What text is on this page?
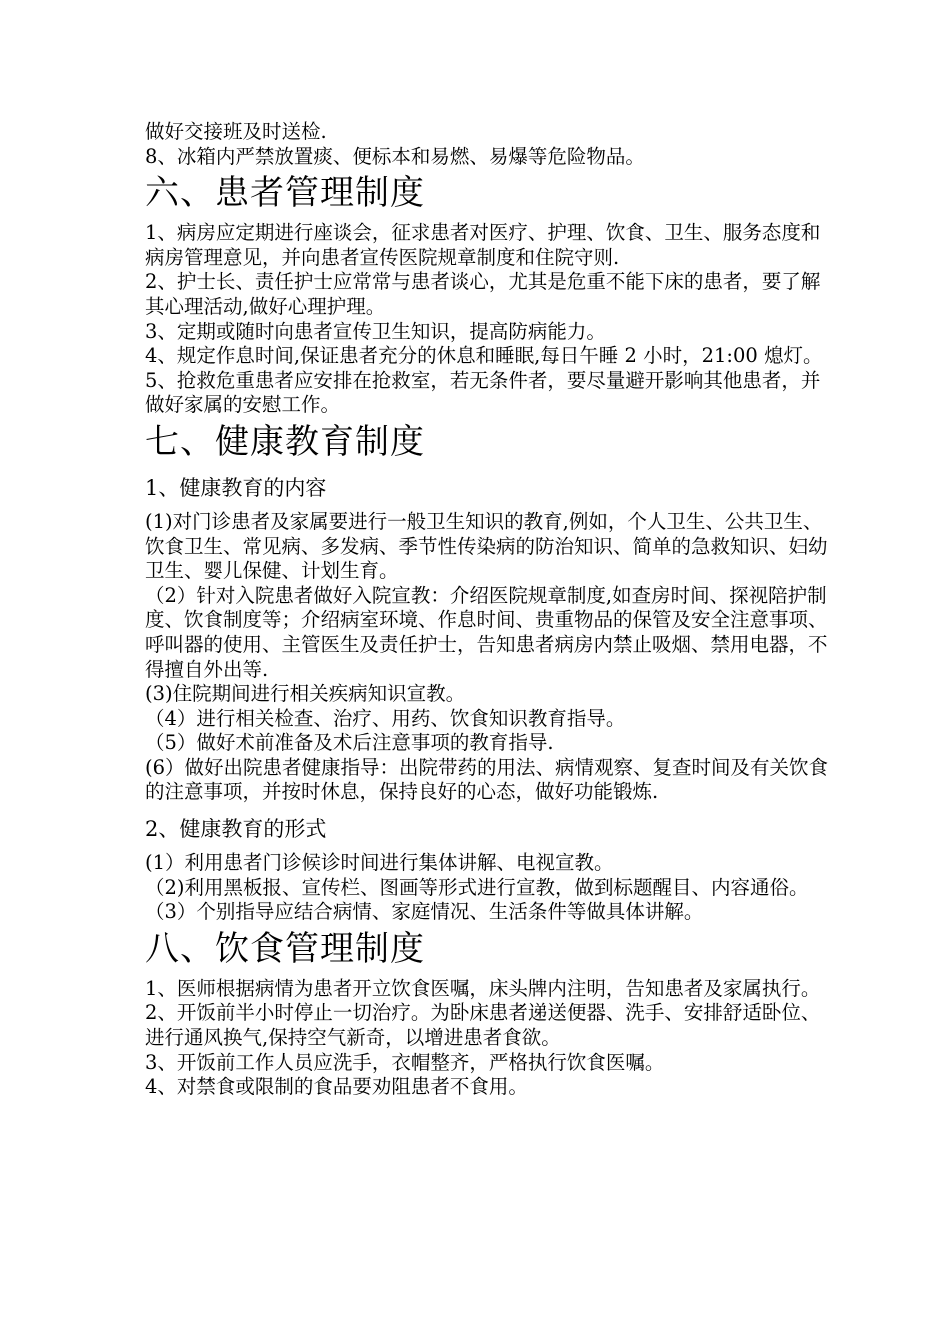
做好交接班及时送检.

8、冰箱内严禁放置痰、便标本和易燃、易爆等危险物品。

六、患者管理制度

1、病房应定期进行座谈会，征求患者对医疗、护理、饮食、卫生、服务态度和病房管理意见，并向患者宣传医院规章制度和住院守则.

2、护士长、责任护士应常常与患者谈心，尤其是危重不能下床的患者，要了解其心理活动,做好心理护理。

3、定期或随时向患者宣传卫生知识，提高防病能力。

4、规定作息时间,保证患者充分的休息和睡眠,每日午睡 2 小时，21:00 熄灯。

5、抢救危重患者应安排在抢救室，若无条件者，要尽量避开影响其他患者，并做好家属的安慰工作。

七、健康教育制度
1、健康教育的内容

(1)对门诊患者及家属要进行一般卫生知识的教育,例如，个人卫生、公共卫生、饮食卫生、常见病、多发病、季节性传染病的防治知识、简单的急救知识、妇幼卫生、婴儿保健、计划生育。

（2）针对入院患者做好入院宣教：介绍医院规章制度,如查房时间、探视陪护制度、饮食制度等；介绍病室环境、作息时间、贵重物品的保管及安全注意事项、呼叫器的使用、主管医生及责任护士，告知患者病房内禁止吸烟、禁用电器，不得擅自外出等.

(3)住院期间进行相关疾病知识宣教。

（4）进行相关检查、治疗、用药、饮食知识教育指导。

（5）做好术前准备及术后注意事项的教育指导.

(6）做好出院患者健康指导：出院带药的用法、病情观察、复查时间及有关饮食的注意事项，并按时休息，保持良好的心态，做好功能锻炼.

2、健康教育的形式

(1）利用患者门诊候诊时间进行集体讲解、电视宣教。

（2)利用黑板报、宣传栏、图画等形式进行宣教，做到标题醒目、内容通俗。

（3）个别指导应结合病情、家庭情况、生活条件等做具体讲解。

八、饮食管理制度

1、医师根据病情为患者开立饮食医嘱，床头牌内注明，告知患者及家属执行。

2、开饭前半小时停止一切治疗。为卧床患者递送便器、洗手、安排舒适卧位、进行通风换气,保持空气新奇，以增进患者食欲。

3、开饭前工作人员应洗手，衣帽整齐，严格执行饮食医嘱。

4、对禁食或限制的食品要劝阻患者不食用。
